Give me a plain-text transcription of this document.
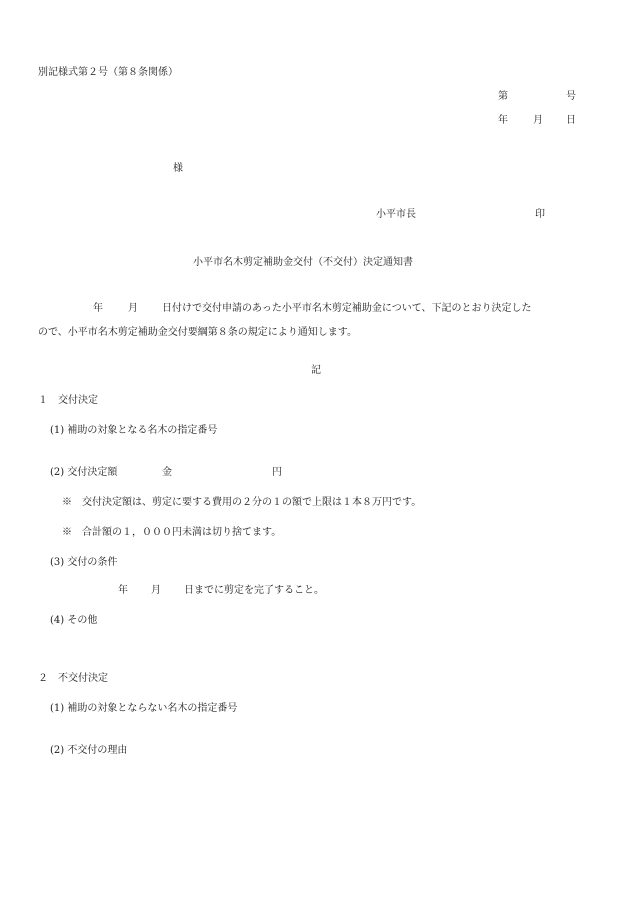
別記様式第２号（第８条関係）
第	号
年	月 日
様
小平市長	印
小平市名木剪定補助金交付（不交付）決定通知書
年	月 日付けで交付申請のあった小平市名木剪定補助金について、下記のとおり決定した
ので、小平市名木剪定補助金交付要綱第８条の規定により通知します。
記
１　交付決定
(1) 補助の対象となる名木の指定番号
(2) 交付決定額	金	円
※　交付決定額は、剪定に要する費用の２分の１の額で上限は１本８万円です。
※　合計額の１，０００円未満は切り捨てます。
(3) 交付の条件
年 月 日までに剪定を完了すること。
(4) その他
２　不交付決定
(1) 補助の対象とならない名木の指定番号
(2) 不交付の理由
